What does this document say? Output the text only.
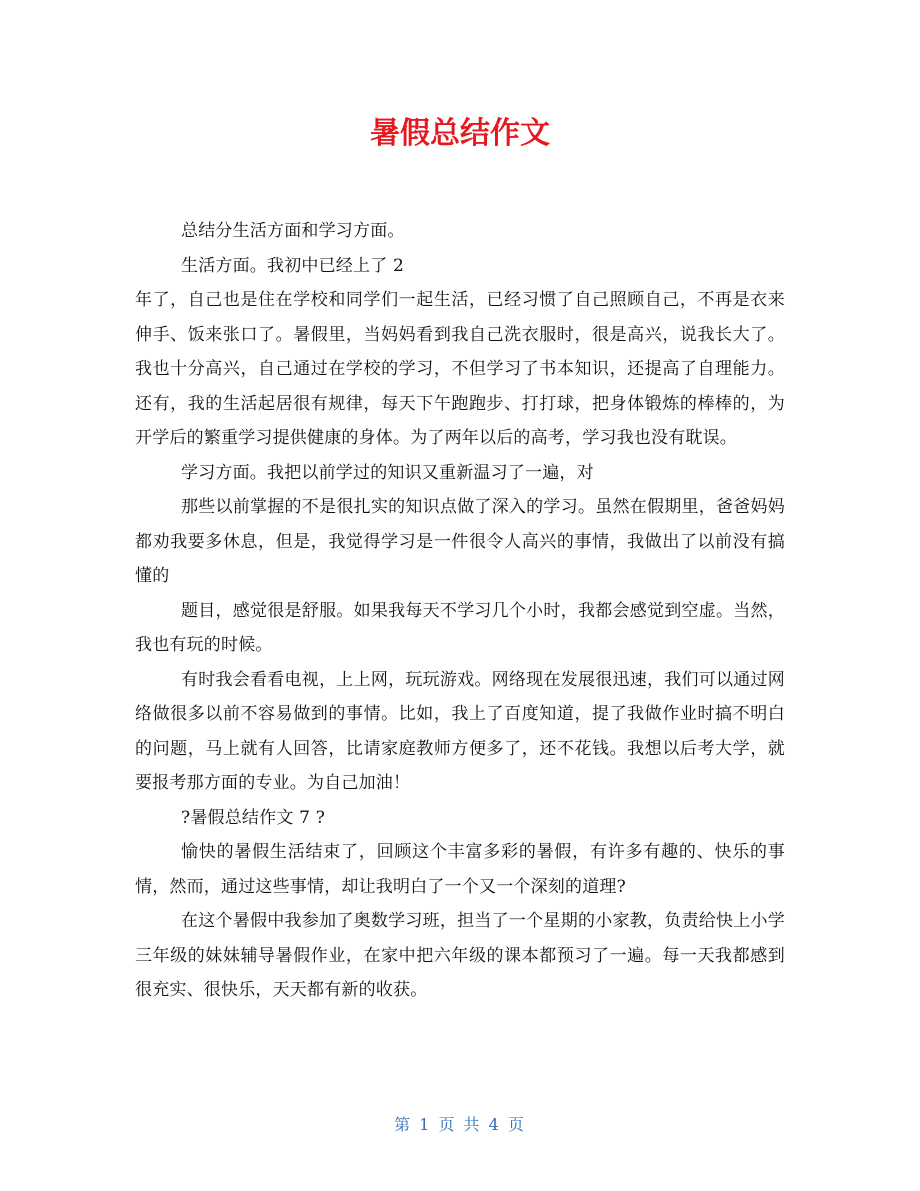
暑假总结作文

总结分生活方面和学习方面。

生活方面。我初中已经上了 2

年了，自己也是住在学校和同学们一起生活，已经习惯了自己照顾自己，不再是衣来伸手、饭来张口了。暑假里，当妈妈看到我自己洗衣服时，很是高兴，说我长大了。我也十分高兴，自己通过在学校的学习，不但学习了书本知识，还提高了自理能力。还有，我的生活起居很有规律，每天下午跑跑步、打打球，把身体锻炼的棒棒的，为开学后的繁重学习提供健康的身体。为了两年以后的高考，学习我也没有耽误。

学习方面。我把以前学过的知识又重新温习了一遍，对

那些以前掌握的不是很扎实的知识点做了深入的学习。虽然在假期里，爸爸妈妈都劝我要多休息，但是，我觉得学习是一件很令人高兴的事情，我做出了以前没有搞懂的

题目，感觉很是舒服。如果我每天不学习几个小时，我都会感觉到空虚。当然，我也有玩的时候。

有时我会看看电视，上上网，玩玩游戏。网络现在发展很迅速，我们可以通过网络做很多以前不容易做到的事情。比如，我上了百度知道，提了我做作业时搞不明白的问题，马上就有人回答，比请家庭教师方便多了，还不花钱。我想以后考大学，就要报考那方面的专业。为自己加油！

?暑假总结作文 7 ?

愉快的暑假生活结束了，回顾这个丰富多彩的暑假，有许多有趣的、快乐的事情，然而，通过这些事情，却让我明白了一个又一个深刻的道理?

在这个暑假中我参加了奥数学习班，担当了一个星期的小家教，负责给快上小学三年级的妹妹辅导暑假作业，在家中把六年级的课本都预习了一遍。每一天我都感到很充实、很快乐，天天都有新的收获。

第 1 页 共 4 页
